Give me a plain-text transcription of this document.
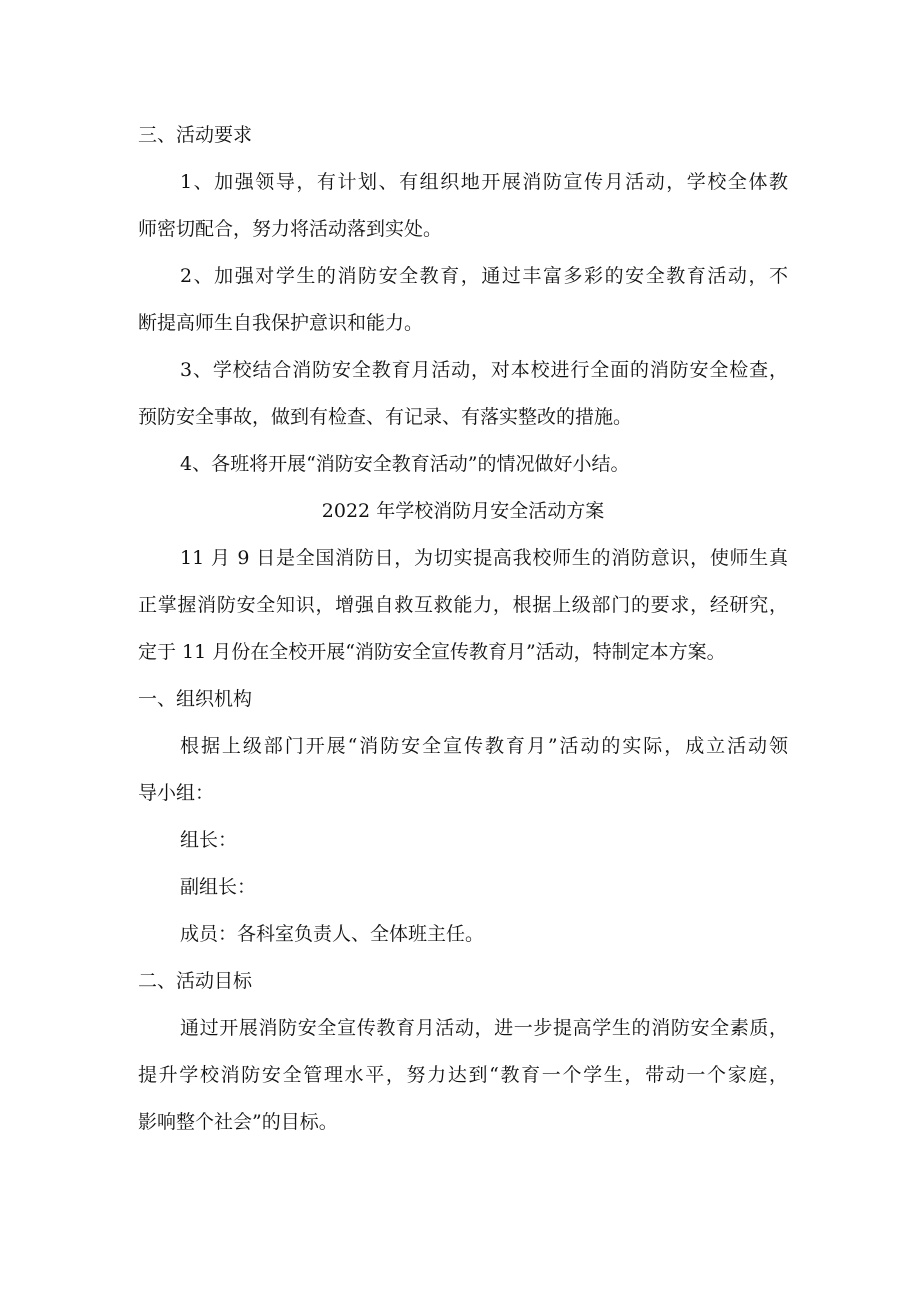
三、活动要求
1、加强领导，有计划、有组织地开展消防宣传月活动，学校全体教
师密切配合，努力将活动落到实处。
2、加强对学生的消防安全教育，通过丰富多彩的安全教育活动，不
断提高师生自我保护意识和能力。
3、学校结合消防安全教育月活动，对本校进行全面的消防安全检查，
预防安全事故，做到有检查、有记录、有落实整改的措施。
4、各班将开展“消防安全教育活动”的情况做好小结。
2022 年学校消防月安全活动方案
11 月 9 日是全国消防日，为切实提高我校师生的消防意识，使师生真
正掌握消防安全知识，增强自救互救能力，根据上级部门的要求，经研究，
定于 11 月份在全校开展“消防安全宣传教育月”活动，特制定本方案。
一、组织机构
根据上级部门开展“消防安全宣传教育月”活动的实际，成立活动领
导小组：
组长：
副组长：
成员：各科室负责人、全体班主任。
二、活动目标
通过开展消防安全宣传教育月活动，进一步提高学生的消防安全素质，
提升学校消防安全管理水平，努力达到“教育一个学生，带动一个家庭，
影响整个社会”的目标。
